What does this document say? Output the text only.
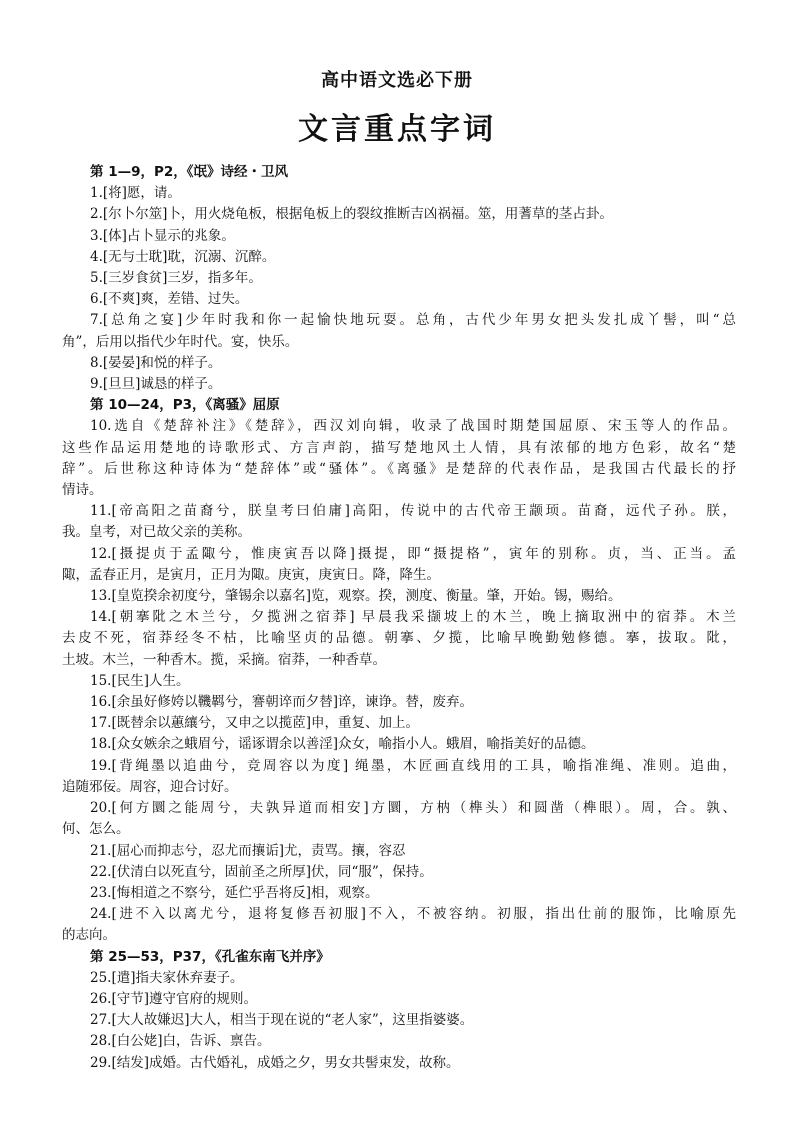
高中语文选必下册
文言重点字词
第 1—9，P2，《氓》诗经・卫风
1.[将]愿，请。
2.[尔卜尔筮]卜，用火烧龟板，根据龟板上的裂纹推断吉凶祸福。筮，用蓍草的茎占卦。
3.[体]占卜显示的兆象。
4.[无与士耽]耽，沉溺、沉醉。
5.[三岁食贫]三岁，指多年。
6.[不爽]爽，差错、过失。
7.[总角之宴]少年时我和你一起愉快地玩耍。总角，古代少年男女把头发扎成丫髻，叫“总
角”，后用以指代少年时代。宴，快乐。
8.[晏晏]和悦的样子。
9.[旦旦]诚恳的样子。
第 10—24，P3，《离骚》屈原
10.选自《楚辞补注》《楚辞》，西汉刘向辑，收录了战国时期楚国屈原、宋玉等人的作品。
这些作品运用楚地的诗歌形式、方言声韵，描写楚地风土人情，具有浓郁的地方色彩，故名“楚
辞”。后世称这种诗体为“楚辞体”或“骚体”。《离骚》是楚辞的代表作品，是我国古代最长的抒
情诗。
11.[帝高阳之苗裔兮，朕皇考曰伯庸]高阳，传说中的古代帝王颛顼。苗裔，远代子孙。朕，
我。皇考，对已故父亲的美称。
12.[摄提贞于孟陬兮，惟庚寅吾以降]摄提，即“摄提格”，寅年的别称。贞，当、正当。孟
陬，孟春正月，是寅月，正月为陬。庚寅，庚寅日。降，降生。
13.[皇览揆余初度兮，肇锡余以嘉名]览，观察。揆，测度、衡量。肇，开始。锡，赐给。
14.[朝搴阰之木兰兮，夕揽洲之宿莽] 早晨我采撷坡上的木兰，晚上摘取洲中的宿莽。木兰
去皮不死，宿莽经冬不枯，比喻坚贞的品德。朝搴、夕揽，比喻早晚勤勉修德。搴，拔取。阰，
土坡。木兰，一种香木。揽，采摘。宿莽，一种香草。
15.[民生]人生。
16.[余虽好修姱以鞿羁兮，謇朝谇而夕替]谇，谏诤。替，废弃。
17.[既替余以蕙纕兮，又申之以揽茝]申，重复、加上。
18.[众女嫉余之蛾眉兮，谣诼谓余以善淫]众女，喻指小人。蛾眉，喻指美好的品德。
19.[背绳墨以追曲兮，竞周容以为度] 绳墨，木匠画直线用的工具，喻指准绳、准则。追曲，
追随邪佞。周容，迎合讨好。
20.[何方圜之能周兮，夫孰异道而相安]方圜，方枘（榫头）和圆凿（榫眼）。周，合。孰、
何、怎么。
21.[屈心而抑志兮，忍尤而攘诟]尤，责骂。攘，容忍
22.[伏清白以死直兮，固前圣之所厚]伏，同“服”，保持。
23.[悔相道之不察兮，延伫乎吾将反]相，观察。
24.[进不入以离尤兮，退将复修吾初服]不入，不被容纳。初服，指出仕前的服饰，比喻原先
的志向。
第 25—53，P37，《孔雀东南飞并序》
25.[遣]指夫家休弃妻子。
26.[守节]遵守官府的规则。
27.[大人故嫌迟]大人，相当于现在说的“老人家”，这里指婆婆。
28.[白公姥]白，告诉、禀告。
29.[结发]成婚。古代婚礼，成婚之夕，男女共髻束发，故称。
